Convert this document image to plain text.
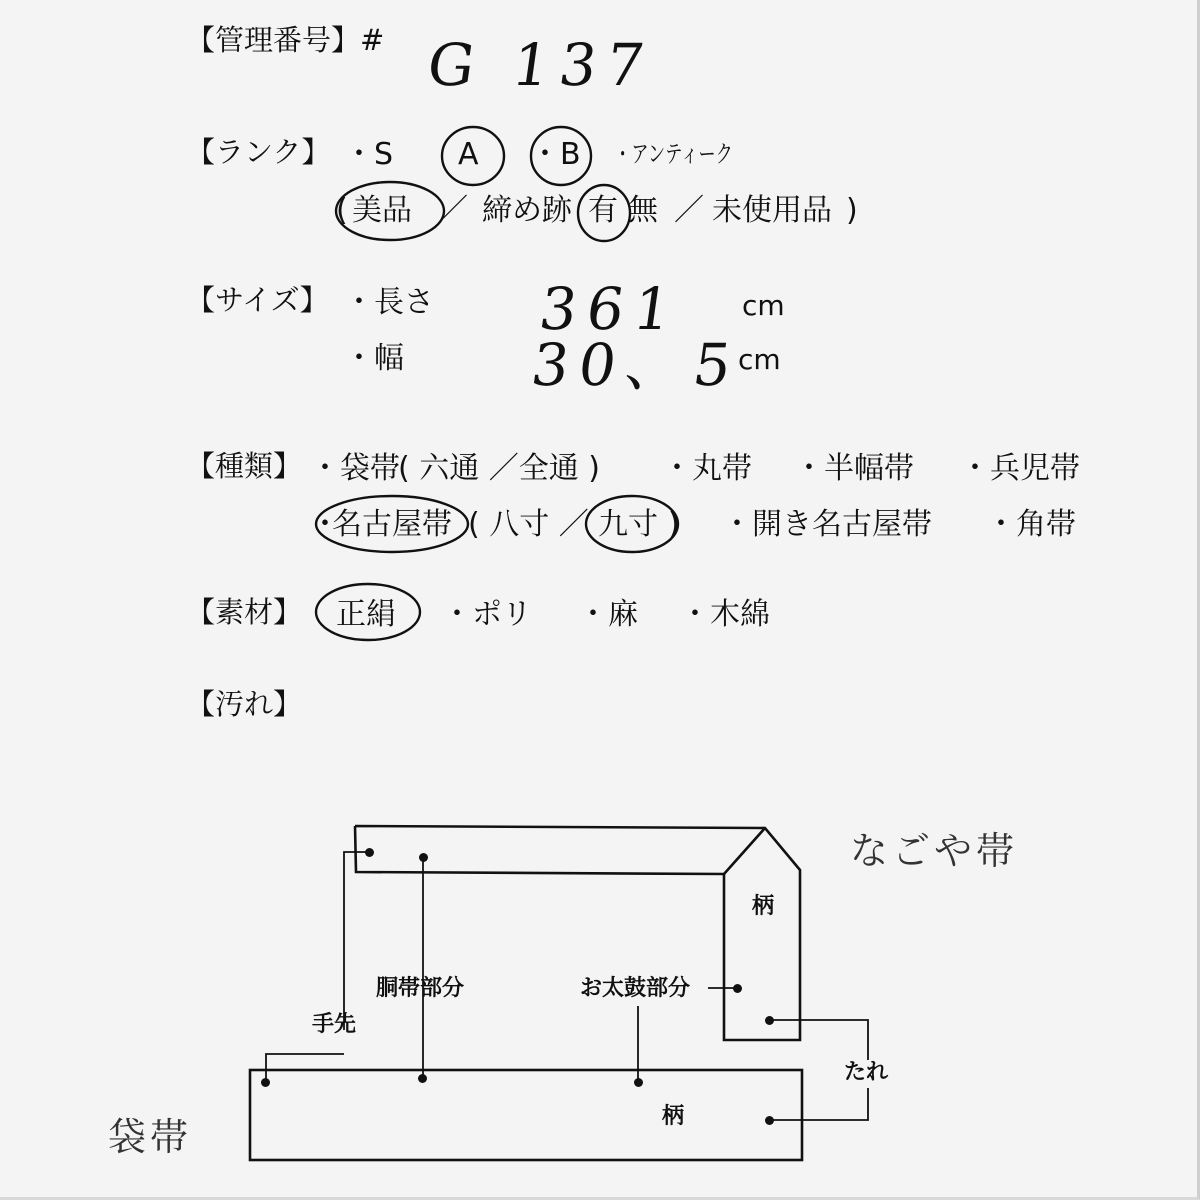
【管理番号】# G 137
【ランク】 ・S A ・B ・アンティーク
( 美品 ／ 締め跡 有 無 ／ 未使用品 )
【サイズ】 ・長さ 361 cm
・幅 30、5
cm
【種類】 ・袋帯
( 六通 ／全通 ) ・丸帯 ・半幅帯 ・兵児帯
・
名古屋帯 ( 八寸 ／ 九寸 ) ・開き名古屋帯 ・角帯
【素材】 正絹 ・ポリ ・麻 ・木綿
【汚れ】
なごや帯
袋帯
柄
柄
胴帯部分	お太鼓部分
手先
たれ
